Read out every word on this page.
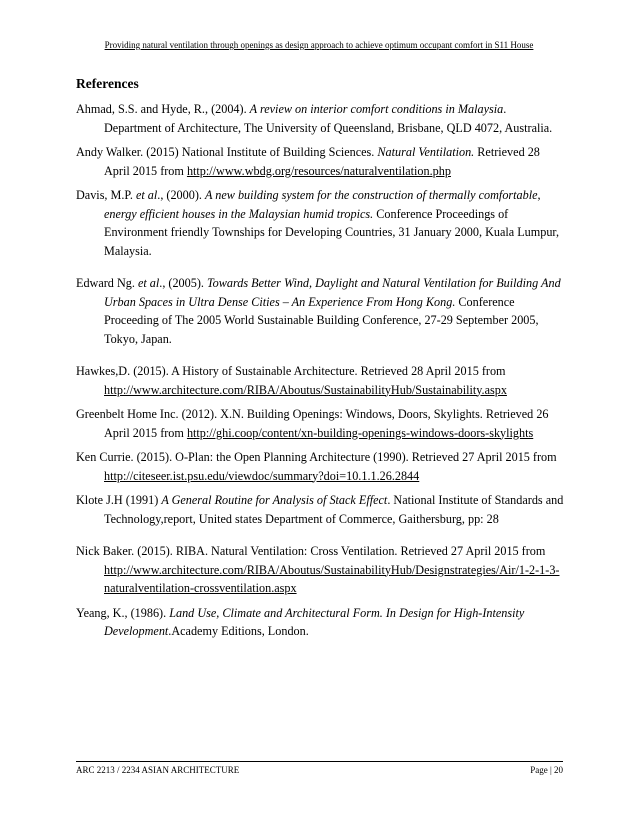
Providing natural ventilation through openings as design approach to achieve optimum occupant comfort in S11 House
References
Ahmad, S.S. and Hyde, R., (2004). A review on interior comfort conditions in Malaysia. Department of Architecture, The University of Queensland, Brisbane, QLD 4072, Australia.
Andy Walker. (2015) National Institute of Building Sciences. Natural Ventilation. Retrieved 28 April 2015 from http://www.wbdg.org/resources/naturalventilation.php
Davis, M.P. et al., (2000). A new building system for the construction of thermally comfortable, energy efficient houses in the Malaysian humid tropics. Conference Proceedings of Environment friendly Townships for Developing Countries, 31 January 2000, Kuala Lumpur, Malaysia.
Edward Ng. et al., (2005). Towards Better Wind, Daylight and Natural Ventilation for Building And Urban Spaces in Ultra Dense Cities – An Experience From Hong Kong. Conference Proceeding of The 2005 World Sustainable Building Conference, 27-29 September 2005, Tokyo, Japan.
Hawkes,D. (2015). A History of Sustainable Architecture. Retrieved 28 April 2015 from http://www.architecture.com/RIBA/Aboutus/SustainabilityHub/Sustainability.aspx
Greenbelt Home Inc. (2012). X.N. Building Openings: Windows, Doors, Skylights. Retrieved 26 April 2015 from http://ghi.coop/content/xn-building-openings-windows-doors-skylights
Ken Currie. (2015). O-Plan: the Open Planning Architecture (1990). Retrieved 27 April 2015 from http://citeseer.ist.psu.edu/viewdoc/summary?doi=10.1.1.26.2844
Klote J.H (1991) A General Routine for Analysis of Stack Effect. National Institute of Standards and Technology,report, United states Department of Commerce, Gaithersburg, pp: 28
Nick Baker. (2015). RIBA. Natural Ventilation: Cross Ventilation. Retrieved 27 April 2015 from http://www.architecture.com/RIBA/Aboutus/SustainabilityHub/Designstrategies/Air/1-2-1-3-naturalventilation-crossventilation.aspx
Yeang, K., (1986). Land Use, Climate and Architectural Form. In Design for High-Intensity Development.Academy Editions, London.
ARC 2213 / 2234 ASIAN ARCHITECTURE	Page | 20
